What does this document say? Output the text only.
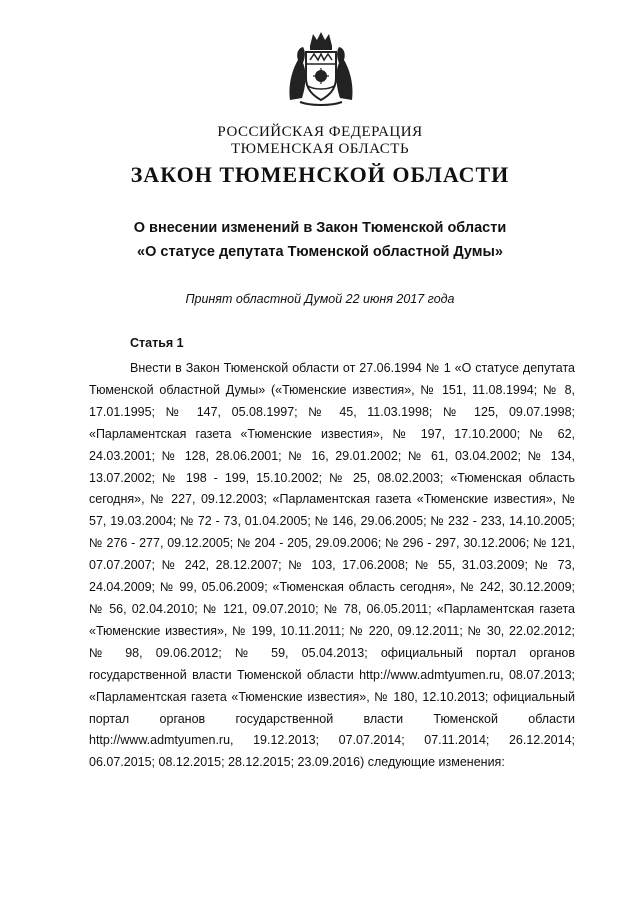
РОССИЙСКАЯ ФЕДЕРАЦИЯ
ТЮМЕНСКАЯ ОБЛАСТЬ
ЗАКОН ТЮМЕНСКОЙ ОБЛАСТИ
О внесении изменений в Закон Тюменской области
«О статусе депутата Тюменской областной Думы»
Принят областной Думой 22 июня 2017 года
Статья 1

Внести в Закон Тюменской области от 27.06.1994 № 1 «О статусе депутата Тюменской областной Думы» («Тюменские известия», № 151, 11.08.1994; № 8, 17.01.1995; № 147, 05.08.1997; № 45, 11.03.1998; № 125, 09.07.1998; «Парламентская газета «Тюменские известия», № 197, 17.10.2000; № 62, 24.03.2001; № 128, 28.06.2001; № 16, 29.01.2002; № 61, 03.04.2002; № 134, 13.07.2002; № 198 - 199, 15.10.2002; № 25, 08.02.2003; «Тюменская область сегодня», № 227, 09.12.2003; «Парламентская газета «Тюменские известия», № 57, 19.03.2004; № 72 - 73, 01.04.2005; № 146, 29.06.2005; № 232 - 233, 14.10.2005; № 276 - 277, 09.12.2005; № 204 - 205, 29.09.2006; № 296 - 297, 30.12.2006; № 121, 07.07.2007; № 242, 28.12.2007; № 103, 17.06.2008; № 55, 31.03.2009; № 73, 24.04.2009; № 99, 05.06.2009; «Тюменская область сегодня», № 242, 30.12.2009; № 56, 02.04.2010; № 121, 09.07.2010; № 78, 06.05.2011; «Парламентская газета «Тюменские известия», № 199, 10.11.2011; № 220, 09.12.2011; № 30, 22.02.2012; № 98, 09.06.2012; № 59, 05.04.2013; официальный портал органов государственной власти Тюменской области http://www.admtyumen.ru, 08.07.2013; «Парламентская газета «Тюменские известия», № 180, 12.10.2013; официальный портал органов государственной власти Тюменской области http://www.admtyumen.ru, 19.12.2013; 07.07.2014; 07.11.2014; 26.12.2014; 06.07.2015; 08.12.2015; 28.12.2015; 23.09.2016) следующие изменения:
